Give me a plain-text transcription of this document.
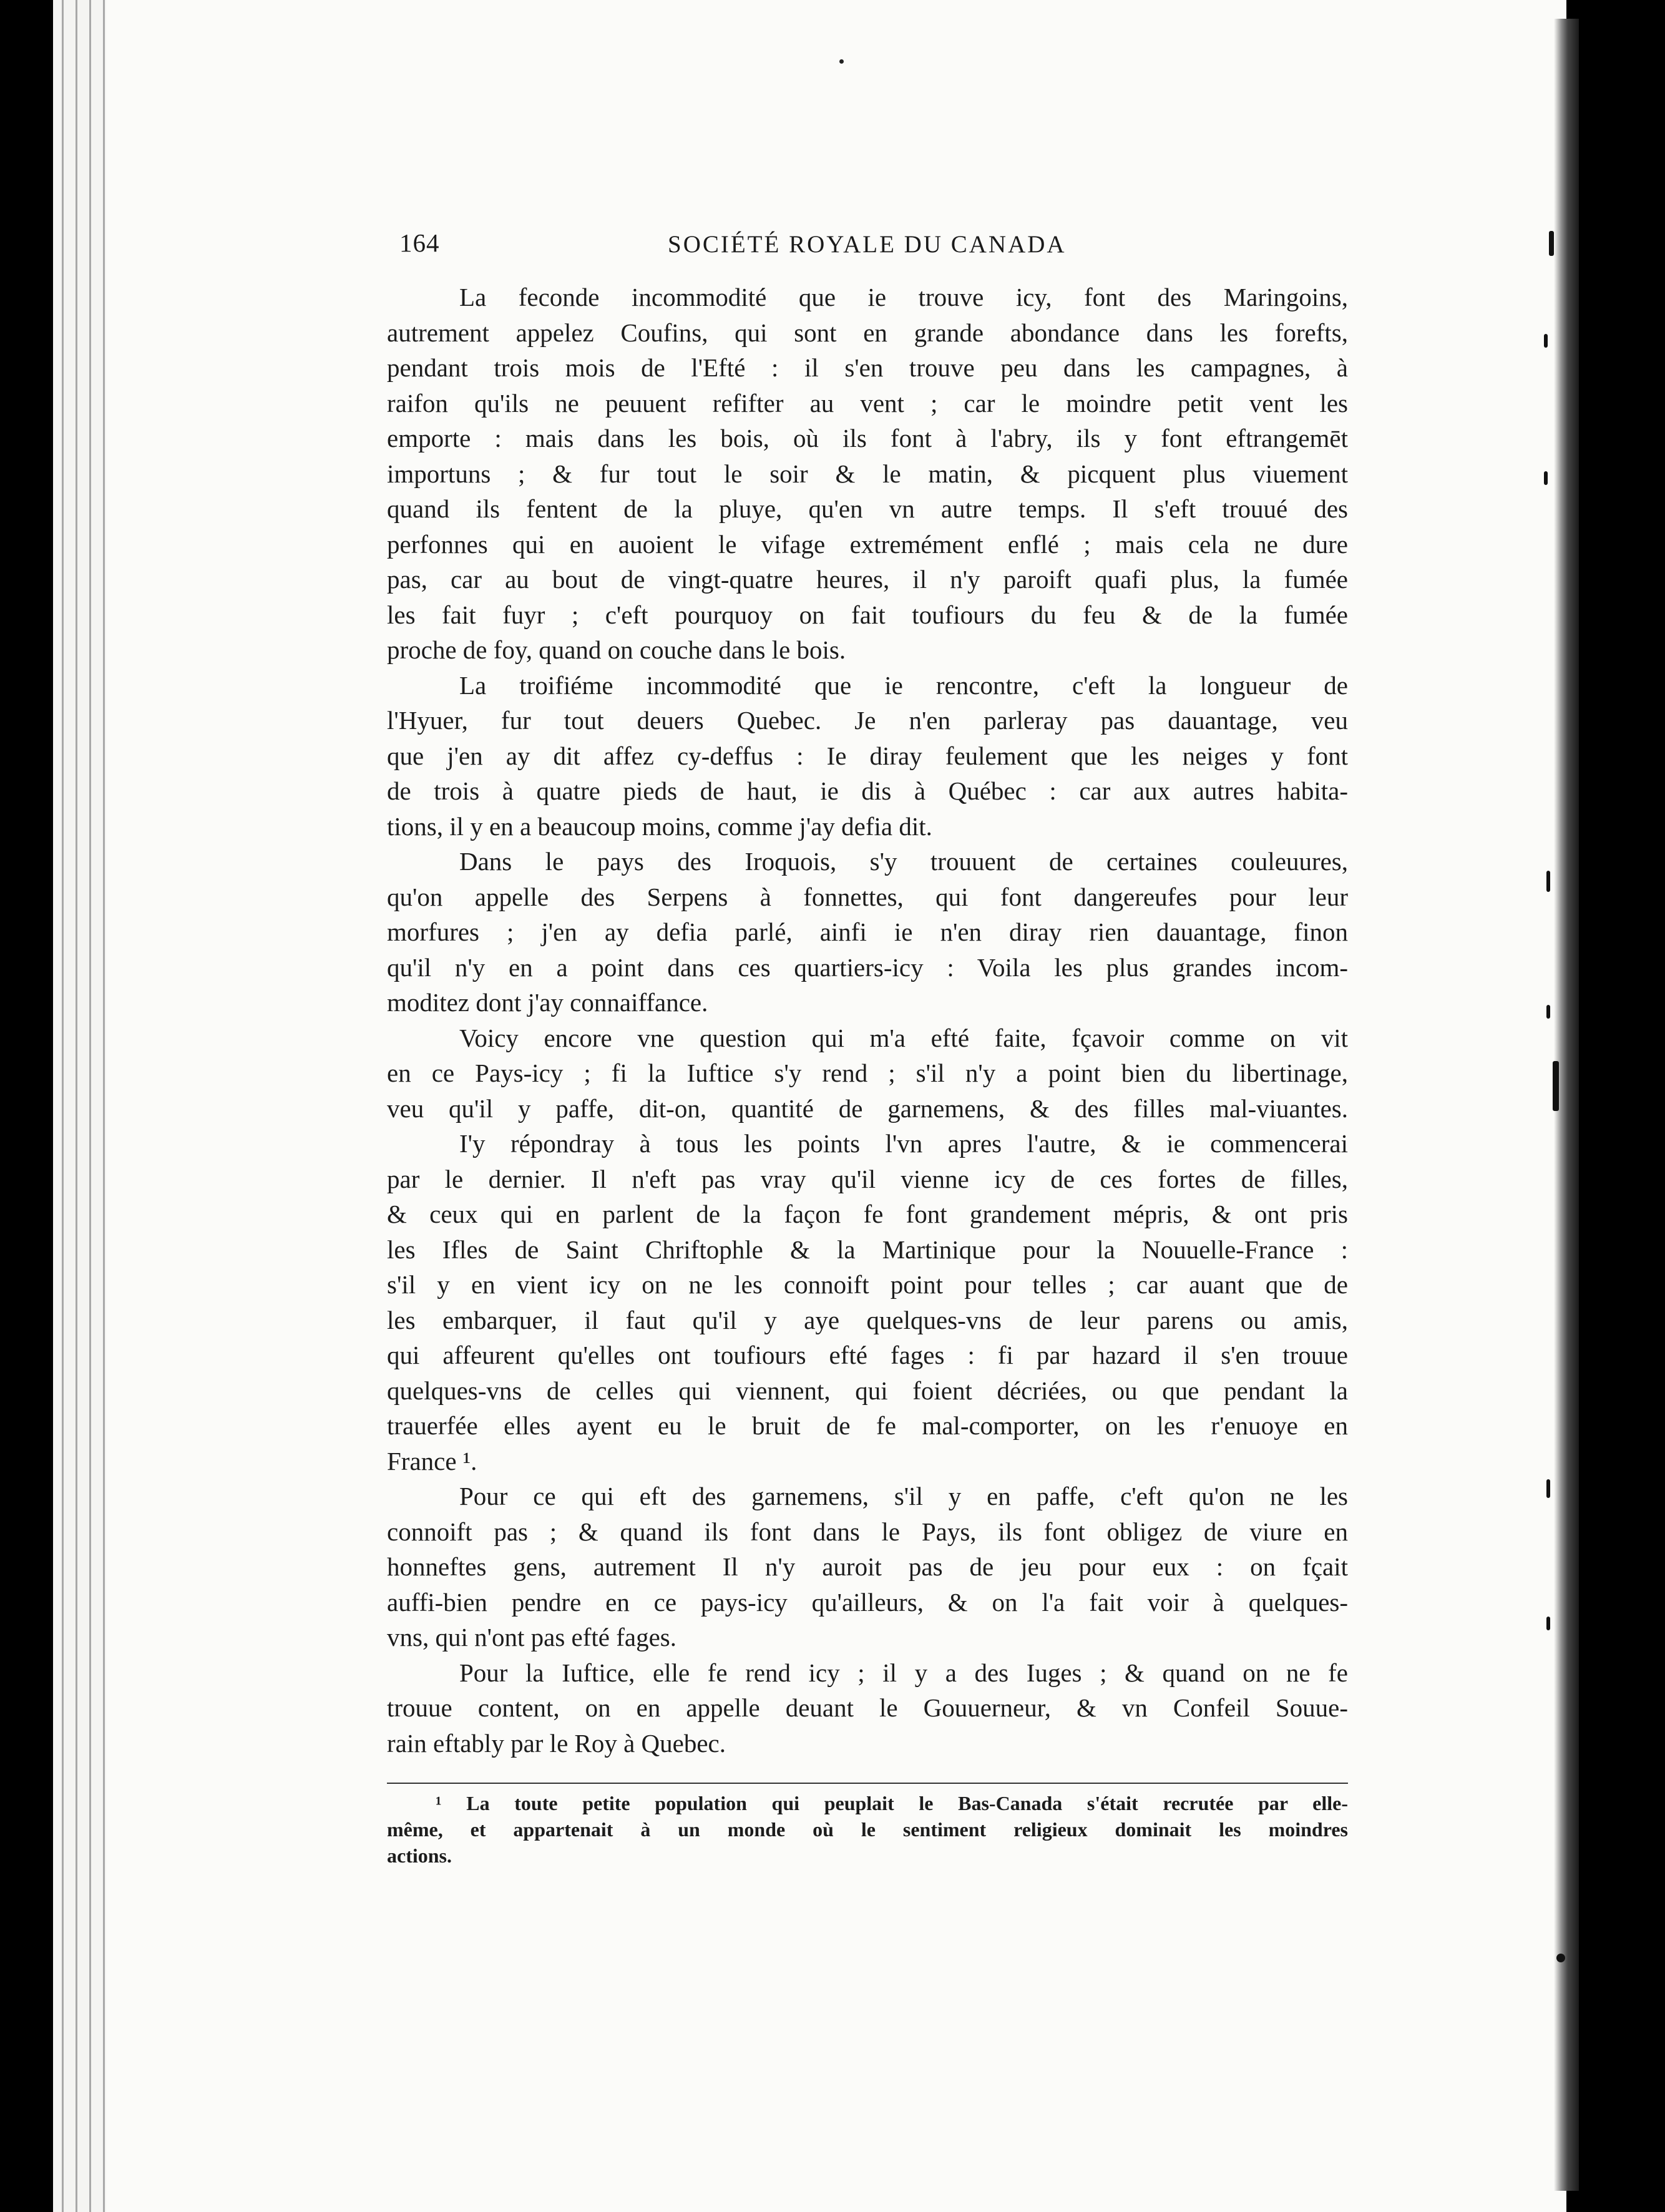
164	SOCIÉTÉ ROYALE DU CANADA

La feconde incommodité que ie trouve icy, font des Maringoins,
autrement appelez Coufins, qui sont en grande abondance dans les forefts,
pendant trois mois de l'Efté : il s'en trouve peu dans les campagnes, à
raifon qu'ils ne peuuent refifter au vent ; car le moindre petit vent les
emporte : mais dans les bois, où ils font à l'abry, ils y font eftrangemēt
importuns ; & fur tout le soir & le matin, & picquent plus viuement
quand ils fentent de la pluye, qu'en vn autre temps. Il s'eft trouué des
perfonnes qui en auoient le vifage extremément enflé ; mais cela ne dure
pas, car au bout de vingt-quatre heures, il n'y paroift quafi plus, la fumée
les fait fuyr ; c'eft pourquoy on fait toufiours du feu & de la fumée
proche de foy, quand on couche dans le bois.

La troifiéme incommodité que ie rencontre, c'eft la longueur de
l'Hyuer, fur tout deuers Quebec. Je n'en parleray pas dauantage, veu
que j'en ay dit affez cy-deffus : Ie diray feulement que les neiges y font
de trois à quatre pieds de haut, ie dis à Québec : car aux autres habita-
tions, il y en a beaucoup moins, comme j'ay defia dit.

Dans le pays des Iroquois, s'y trouuent de certaines couleuures,
qu'on appelle des Serpens à fonnettes, qui font dangereufes pour leur
morfures ; j'en ay defia parlé, ainfi ie n'en diray rien dauantage, finon
qu'il n'y en a point dans ces quartiers-icy : Voila les plus grandes incom-
moditez dont j'ay connaiffance.

Voicy encore vne question qui m'a efté faite, fçavoir comme on vit
en ce Pays-icy ; fi la Iuftice s'y rend ; s'il n'y a point bien du libertinage,
veu qu'il y paffe, dit-on, quantité de garnemens, & des filles mal-viuantes.

I'y répondray à tous les points l'vn apres l'autre, & ie commencerai
par le dernier. Il n'eft pas vray qu'il vienne icy de ces fortes de filles,
& ceux qui en parlent de la façon fe font grandement mépris, & ont pris
les Ifles de Saint Chriftophle & la Martinique pour la Nouuelle-France :
s'il y en vient icy on ne les connoift point pour telles ; car auant que de
les embarquer, il faut qu'il y aye quelques-vns de leur parens ou amis,
qui affeurent qu'elles ont toufiours efté fages : fi par hazard il s'en trouue
quelques-vns de celles qui viennent, qui foient décriées, ou que pendant la
trauerfée elles ayent eu le bruit de fe mal-comporter, on les r'enuoye en
France ¹.

Pour ce qui eft des garnemens, s'il y en paffe, c'eft qu'on ne les
connoift pas ; & quand ils font dans le Pays, ils font obligez de viure en
honneftes gens, autrement Il n'y auroit pas de jeu pour eux : on fçait
auffi-bien pendre en ce pays-icy qu'ailleurs, & on l'a fait voir à quelques-
vns, qui n'ont pas efté fages.

Pour la Iuftice, elle fe rend icy ; il y a des Iuges ; & quand on ne fe
trouue content, on en appelle deuant le Gouuerneur, & vn Confeil Souue-
rain eftably par le Roy à Quebec.

¹ La toute petite population qui peuplait le Bas-Canada s'était recrutée par elle-
même, et appartenait à un monde où le sentiment religieux dominait les moindres
actions.
